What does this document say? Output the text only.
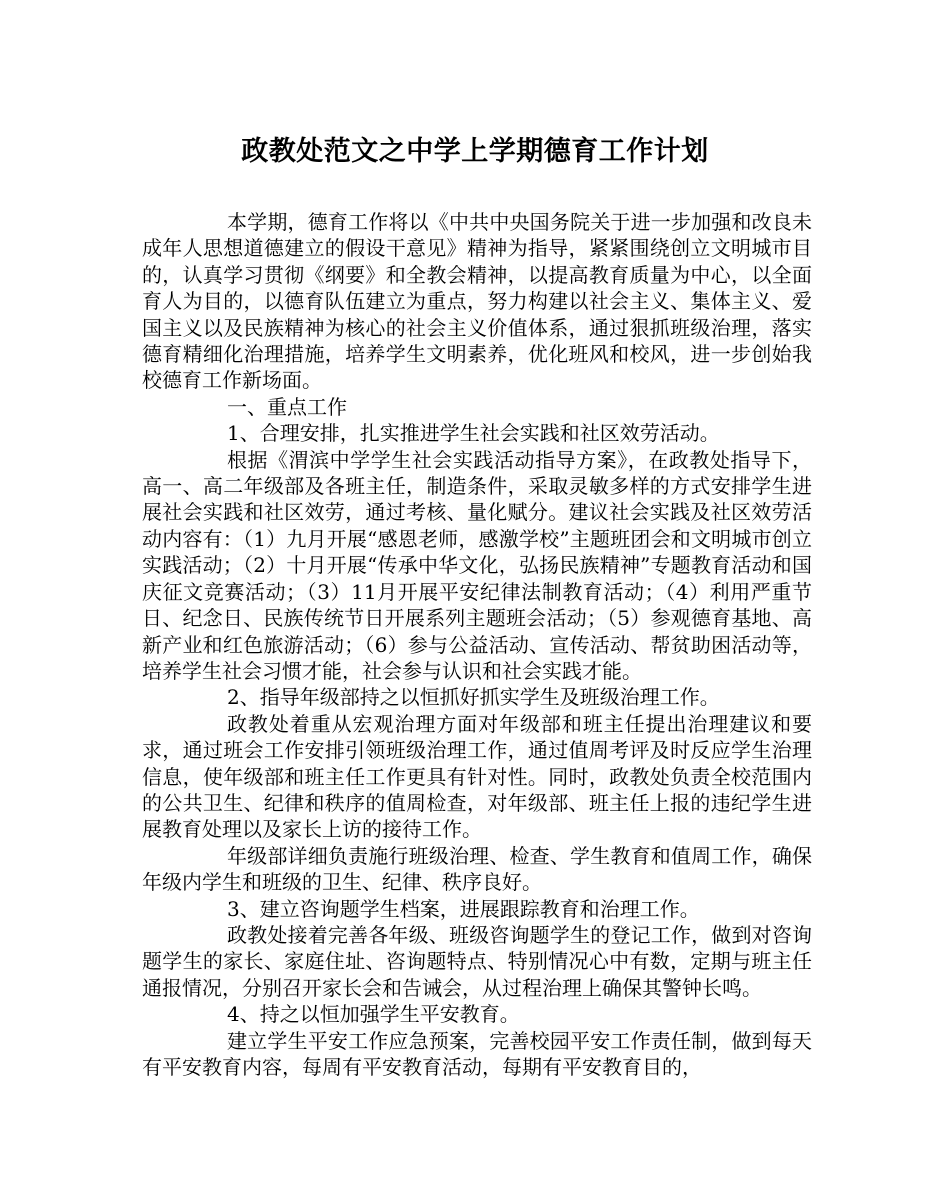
政教处范文之中学上学期德育工作计划

本学期，德育工作将以《中共中央国务院关于进一步加强和改良未成年人思想道德建立的假设干意见》精神为指导，紧紧围绕创立文明城市目的，认真学习贯彻《纲要》和全教会精神，以提高教育质量为中心，以全面育人为目的，以德育队伍建立为重点，努力构建以社会主义、集体主义、爱国主义以及民族精神为核心的社会主义价值体系，通过狠抓班级治理，落实德育精细化治理措施，培养学生文明素养，优化班风和校风，进一步创始我校德育工作新场面。

一、重点工作

1、合理安排，扎实推进学生社会实践和社区效劳活动。

根据《渭滨中学学生社会实践活动指导方案》，在政教处指导下，高一、高二年级部及各班主任，制造条件，采取灵敏多样的方式安排学生进展社会实践和社区效劳，通过考核、量化赋分。建议社会实践及社区效劳活动内容有：（1）九月开展“感恩老师，感激学校”主题班团会和文明城市创立实践活动；（2）十月开展“传承中华文化，弘扬民族精神”专题教育活动和国庆征文竞赛活动；（3）11月开展平安纪律法制教育活动；（4）利用严重节日、纪念日、民族传统节日开展系列主题班会活动；（5）参观德育基地、高新产业和红色旅游活动；（6）参与公益活动、宣传活动、帮贫助困活动等，培养学生社会习惯才能，社会参与认识和社会实践才能。

2、指导年级部持之以恒抓好抓实学生及班级治理工作。

政教处着重从宏观治理方面对年级部和班主任提出治理建议和要求，通过班会工作安排引领班级治理工作，通过值周考评及时反应学生治理信息，使年级部和班主任工作更具有针对性。同时，政教处负责全校范围内的公共卫生、纪律和秩序的值周检查，对年级部、班主任上报的违纪学生进展教育处理以及家长上访的接待工作。

年级部详细负责施行班级治理、检查、学生教育和值周工作，确保年级内学生和班级的卫生、纪律、秩序良好。

3、建立咨询题学生档案，进展跟踪教育和治理工作。

政教处接着完善各年级、班级咨询题学生的登记工作，做到对咨询题学生的家长、家庭住址、咨询题特点、特别情况心中有数，定期与班主任通报情况，分别召开家长会和告诫会，从过程治理上确保其警钟长鸣。

4、持之以恒加强学生平安教育。

建立学生平安工作应急预案，完善校园平安工作责任制，做到每天有平安教育内容，每周有平安教育活动，每期有平安教育目的，
